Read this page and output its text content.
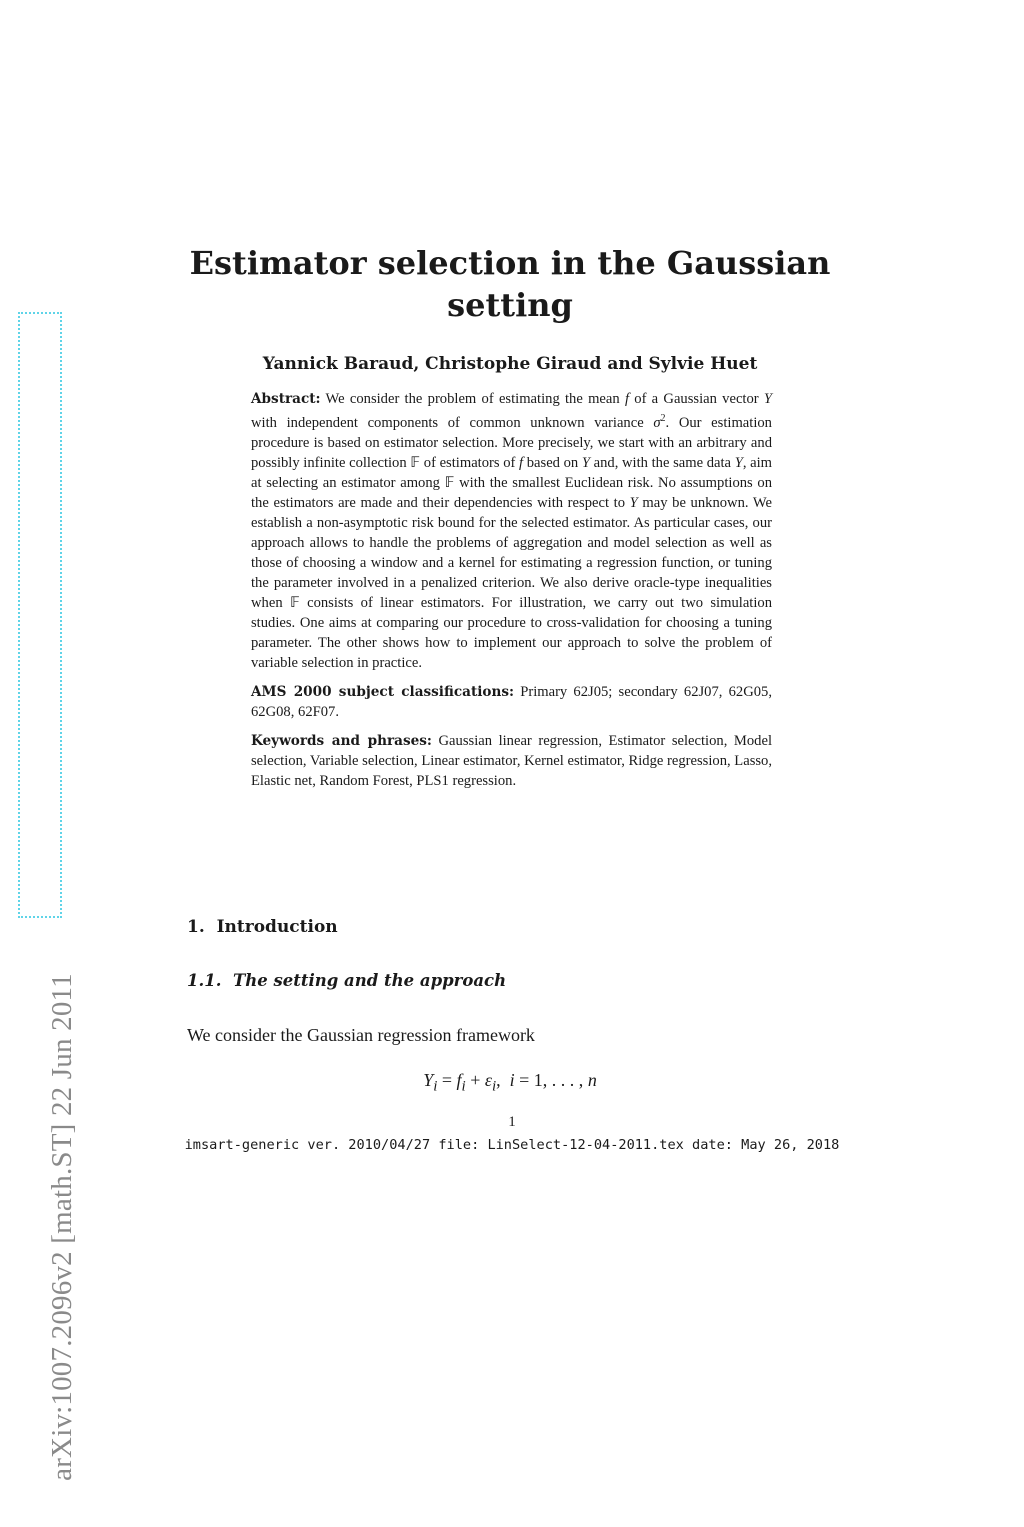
arXiv:1007.2096v2 [math.ST] 22 Jun 2011
Estimator selection in the Gaussian
setting
Yannick Baraud, Christophe Giraud and Sylvie Huet

Abstract: We consider the problem of estimating the mean f of a Gaussian vector Y with independent components of common unknown variance $\sigma^2$. Our estimation procedure is based on estimator selection. More precisely, we start with an arbitrary and possibly infinite collection 𝔽 of estimators of f based on Y and, with the same data Y, aim at selecting an estimator among 𝔽 with the smallest Euclidean risk. No assumptions on the estimators are made and their dependencies with respect to Y may be unknown. We establish a non-asymptotic risk bound for the selected estimator. As particular cases, our approach allows to handle the problems of aggregation and model selection as well as those of choosing a window and a kernel for estimating a regression function, or tuning the parameter involved in a penalized criterion. We also derive oracle-type inequalities when 𝔽 consists of linear estimators. For illustration, we carry out two simulation studies. One aims at comparing our procedure to cross-validation for choosing a tuning parameter. The other shows how to implement our approach to solve the problem of variable selection in practice.

AMS 2000 subject classifications: Primary 62J05; secondary 62J07, 62G05, 62G08, 62F07.

Keywords and phrases: Gaussian linear regression, Estimator selection, Model selection, Variable selection, Linear estimator, Kernel estimator, Ridge regression, Lasso, Elastic net, Random Forest, PLS1 regression.

1. Introduction
1.1. The setting and the approach
We consider the Gaussian regression framework
$Y_i = f_i + \varepsilon_i$,  i = 1, . . . , n
1
imsart-generic ver. 2010/04/27 file: LinSelect-12-04-2011.tex date: May 26, 2018
